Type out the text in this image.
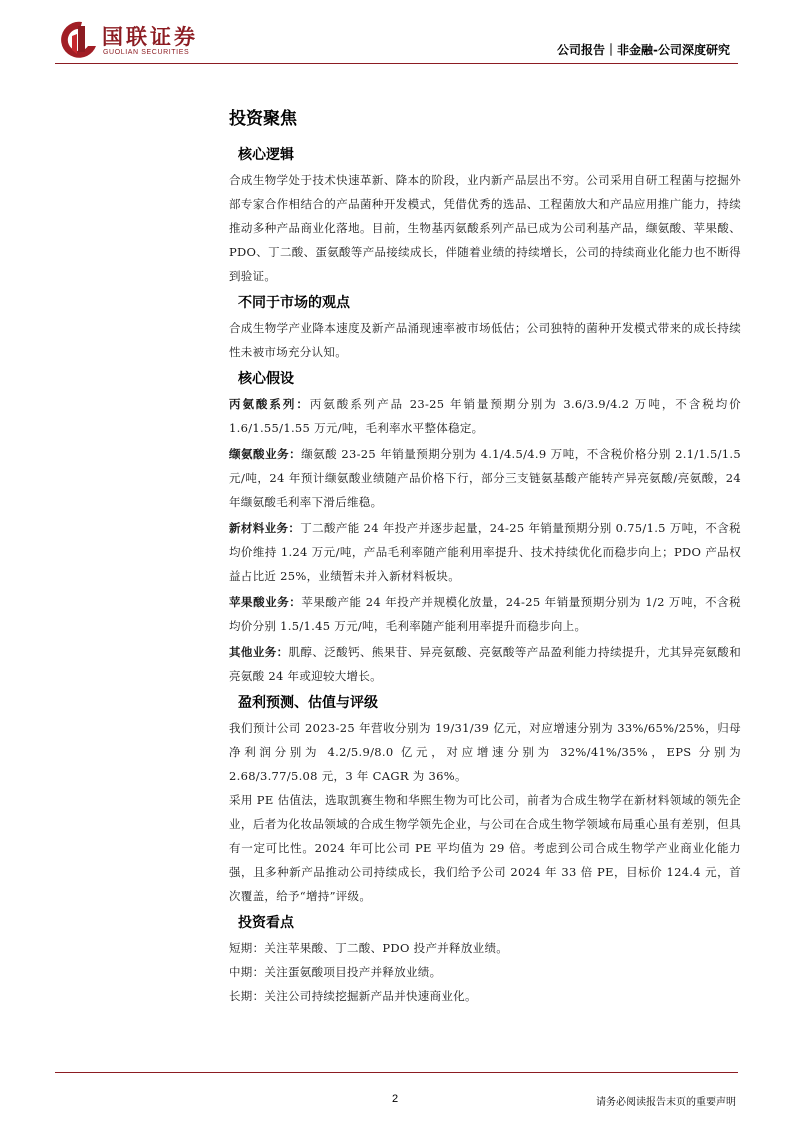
国联证券
GUOLIAN SECURITIES	公司报告｜非金融-公司深度研究
投资聚焦
核心逻辑

合成生物学处于技术快速革新、降本的阶段，业内新产品层出不穷。公司采用自研工程菌与挖掘外部专家合作相结合的产品菌种开发模式，凭借优秀的选品、工程菌放大和产品应用推广能力，持续推动多种产品商业化落地。目前，生物基丙氨酸系列产品已成为公司利基产品，缬氨酸、苹果酸、PDO、丁二酸、蛋氨酸等产品接续成长，伴随着业绩的持续增长，公司的持续商业化能力也不断得到验证。

不同于市场的观点

合成生物学产业降本速度及新产品涌现速率被市场低估；公司独特的菌种开发模式带来的成长持续性未被市场充分认知。

核心假设

丙氨酸系列：丙氨酸系列产品 23-25 年销量预期分别为 3.6/3.9/4.2 万吨，不含税均价 1.6/1.55/1.55 万元/吨，毛利率水平整体稳定。

缬氨酸业务：缬氨酸 23-25 年销量预期分别为 4.1/4.5/4.9 万吨，不含税价格分别 2.1/1.5/1.5 元/吨，24 年预计缬氨酸业绩随产品价格下行，部分三支链氨基酸产能转产异亮氨酸/亮氨酸，24 年缬氨酸毛利率下滑后维稳。

新材料业务：丁二酸产能 24 年投产并逐步起量，24-25 年销量预期分别 0.75/1.5 万吨，不含税均价维持 1.24 万元/吨，产品毛利率随产能利用率提升、技术持续优化而稳步向上；PDO 产品权益占比近 25%，业绩暂未并入新材料板块。

苹果酸业务：苹果酸产能 24 年投产并规模化放量，24-25 年销量预期分别为 1/2 万吨，不含税均价分别 1.5/1.45 万元/吨，毛利率随产能利用率提升而稳步向上。

其他业务：肌醇、泛酸钙、熊果苷、异亮氨酸、亮氨酸等产品盈利能力持续提升，尤其异亮氨酸和亮氨酸 24 年或迎较大增长。

盈利预测、估值与评级

我们预计公司 2023-25 年营收分别为 19/31/39 亿元，对应增速分别为 33%/65%/25%，归母净利润分别为 4.2/5.9/8.0 亿元，对应增速分别为 32%/41%/35%，EPS 分别为 2.68/3.77/5.08 元，3 年 CAGR 为 36%。

采用 PE 估值法，选取凯赛生物和华熙生物为可比公司，前者为合成生物学在新材料领域的领先企业，后者为化妆品领域的合成生物学领先企业，与公司在合成生物学领域布局重心虽有差别，但具有一定可比性。2024 年可比公司 PE 平均值为 29 倍。考虑到公司合成生物学产业商业化能力强，且多种新产品推动公司持续成长，我们给予公司 2024 年 33 倍 PE，目标价 124.4 元，首次覆盖，给予“增持”评级。

投资看点

短期：关注苹果酸、丁二酸、PDO 投产并释放业绩。

中期：关注蛋氨酸项目投产并释放业绩。

长期：关注公司持续挖掘新产品并快速商业化。

2	请务必阅读报告末页的重要声明
